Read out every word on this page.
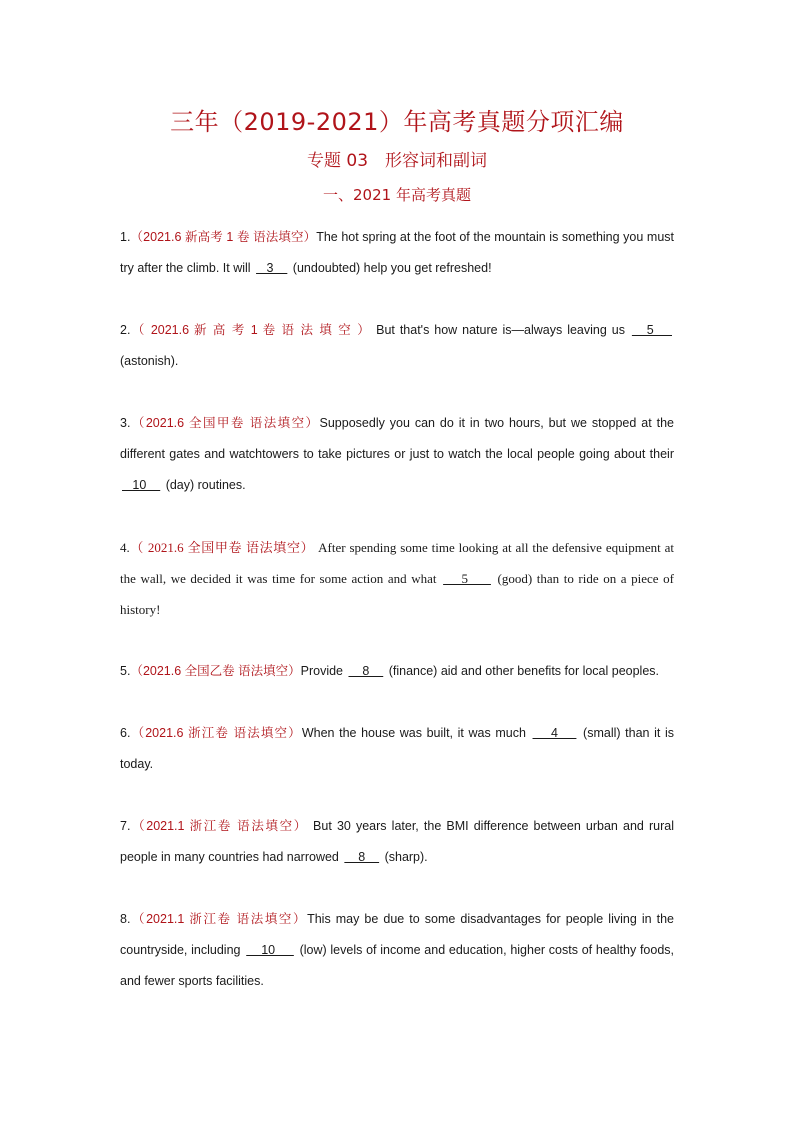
三年（2019-2021）年高考真题分项汇编
专题 03　形容词和副词
一、2021 年高考真题
1.（2021.6 新高考 1 卷 语法填空）The hot spring at the foot of the mountain is something you must try after the climb. It will    3     (undoubted) help you get refreshed!
2.（ 2021.6 新 高 考 1 卷 语 法 填 空 ） But that's how nature is—always leaving us    5     (astonish).
3.（2021.6 全国甲卷 语法填空）Supposedly you can do it in two hours, but we stopped at the different gates and watchtowers to take pictures or just to watch the local people going about their    10     (day) routines.
4.（ 2021.6 全国甲卷 语法填空） After spending some time looking at all the defensive equipment at the wall, we decided it was time for some action and what     5      (good) than to ride on a piece of history!
5.（2021.6 全国乙卷 语法填空）Provide     8     (finance) aid and other benefits for local peoples.
6.（2021.6 浙江卷 语法填空）When the house was built, it was much     4     (small) than it is today.
7.（2021.1 浙江卷 语法填空） But 30 years later, the BMI difference between urban and rural people in many countries had narrowed     8     (sharp).
8.（2021.1 浙江卷 语法填空）This may be due to some disadvantages for people living in the countryside, including     10      (low) levels of income and education, higher costs of healthy foods, and fewer sports facilities.
